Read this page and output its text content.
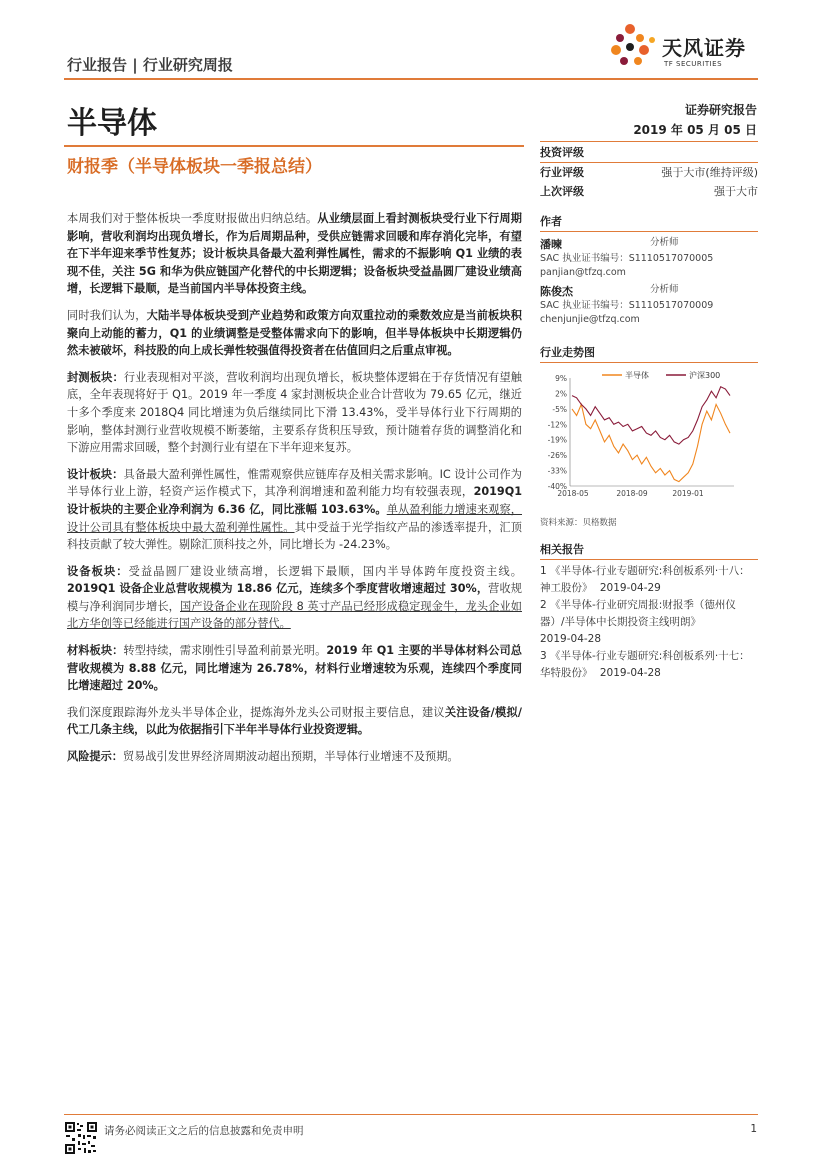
行业报告 | 行业研究周报
天风证券
TF SECURITIES
半导体	证券研究报告
2019 年 05 月 05 日
财报季（半导体板块一季报总结）

本周我们对于整体板块一季度财报做出归纳总结。从业绩层面上看封测板块受行业下行周期影响，营收利润均出现负增长，作为后周期品种，受供应链需求回暖和库存消化完毕，有望在下半年迎来季节性复苏；设计板块具备最大盈利弹性属性，需求的不振影响 Q1 业绩的表现不佳，关注 5G 和华为供应链国产化替代的中长期逻辑；设备板块受益晶圆厂建设业绩高增，长逻辑下最顺，是当前国内半导体投资主线。

同时我们认为，大陆半导体板块受到产业趋势和政策方向双重拉动的乘数效应是当前板块积聚向上动能的蓄力，Q1 的业绩调整是受整体需求向下的影响，但半导体板块中长期逻辑仍然未被破坏，科技股的向上成长弹性较强值得投资者在估值回归之后重点审视。

封测板块：行业表现相对平淡，营收利润均出现负增长，板块整体逻辑在于存货情况有望触底，全年表现将好于 Q1。2019 年一季度 4 家封测板块企业合计营收为 79.65 亿元，继近十多个季度来 2018Q4 同比增速为负后继续同比下滑 13.43%，受半导体行业下行周期的影响，整体封测行业营收规模不断萎缩，主要系存货积压导致，预计随着存货的调整消化和下游应用需求回暖，整个封测行业有望在下半年迎来复苏。

设计板块：具备最大盈利弹性属性，惟需观察供应链库存及相关需求影响。IC 设计公司作为半导体行业上游，轻资产运作模式下，其净利润增速和盈利能力均有较强表现，2019Q1 设计板块的主要企业净利润为 6.36 亿，同比涨幅 103.63%。单从盈利能力增速来观察，设计公司具有整体板块中最大盈利弹性属性。其中受益于光学指纹产品的渗透率提升，汇顶科技贡献了较大弹性。剔除汇顶科技之外，同比增长为 -24.23%。

设备板块：受益晶圆厂建设业绩高增，长逻辑下最顺，国内半导体跨年度投资主线。2019Q1 设备企业总营收规模为 18.86 亿元，连续多个季度营收增速超过 30%，营收规模与净利润同步增长，国产设备企业在现阶段 8 英寸产品已经形成稳定现金牛，龙头企业如北方华创等已经能进行国产设备的部分替代。

材料板块：转型持续，需求刚性引导盈利前景光明。2019 年 Q1 主要的半导体材料公司总营收规模为 8.88 亿元，同比增速为 26.78%，材料行业增速较为乐观，连续四个季度同比增速超过 20%。

我们深度跟踪海外龙头半导体企业，提炼海外龙头公司财报主要信息，建议关注设备/模拟/代工几条主线，以此为依据指引下半年半导体行业投资逻辑。

风险提示：贸易战引发世界经济周期波动超出预期，半导体行业增速不及预期。

投资评级
行业评级	强于大市(维持评级)
上次评级	强于大市
作者
潘暕	分析师
SAC 执业证书编号：S1110517070005
panjian@tfzq.com
陈俊杰	分析师
SAC 执业证书编号：S1110517070009
chenjunjie@tfzq.com
行业走势图
半导体	沪深300
9%
2%
-5%
-12%
-19%
-26%
-33%
-40%
2018-05	2018-09	2019-01
资料来源：贝格数据
相关报告
1 《半导体-行业专题研究:科创板系列·十八：神工股份》 2019-04-29
2 《半导体-行业研究周报:财报季（德州仪器）/半导体中长期投资主线明朗》
2019-04-28
3 《半导体-行业专题研究:科创板系列·十七：华特股份》 2019-04-28
请务必阅读正文之后的信息披露和免责申明	1
